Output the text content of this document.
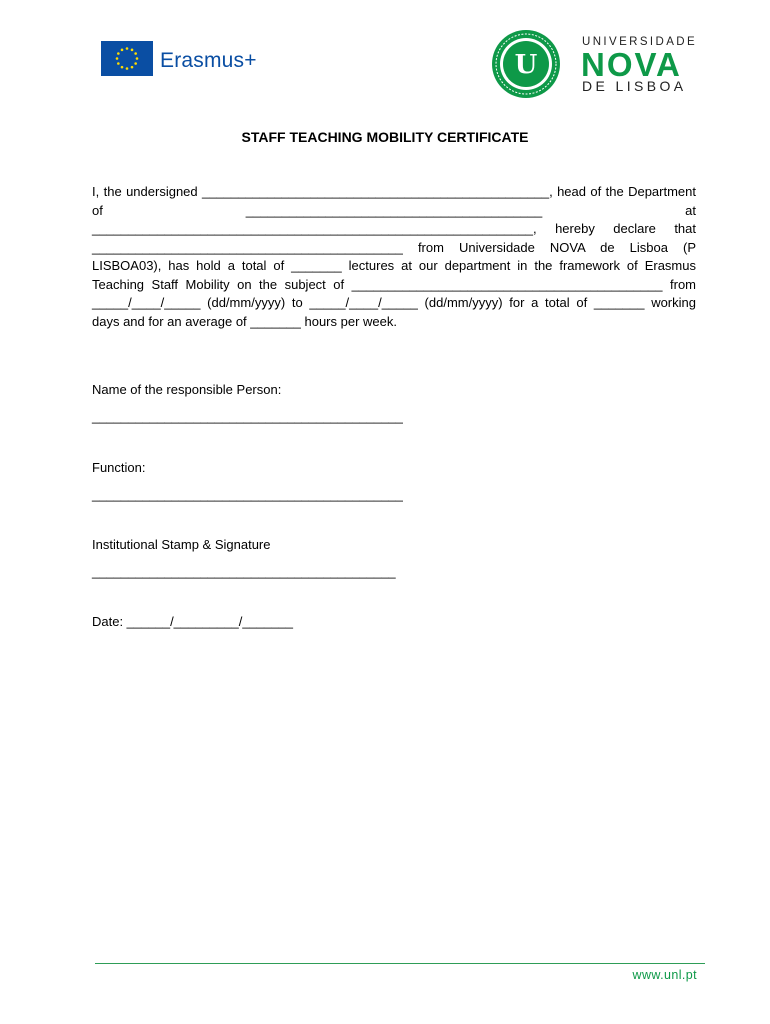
Erasmus+	U
UNIVERSIDADE
NOVA
DE LISBOA
STAFF TEACHING MOBILITY CERTIFICATE
I, the undersigned ________________________________________________, head of the Department of _________________________________________ at _____________________________________________________________, hereby declare that ___________________________________________ from Universidade NOVA de Lisboa (P LISBOA03), has hold a total of _______ lectures at our department in the framework of Erasmus Teaching Staff Mobility on the subject of ___________________________________________ from _____/____/_____ (dd/mm/yyyy) to _____/____/_____ (dd/mm/yyyy) for a total of _______ working days and for an average of _______ hours per week.
Name of the responsible Person:
___________________________________________
Function:
___________________________________________
Institutional Stamp & Signature
__________________________________________
Date: ______/_________/_______
www.unl.pt
